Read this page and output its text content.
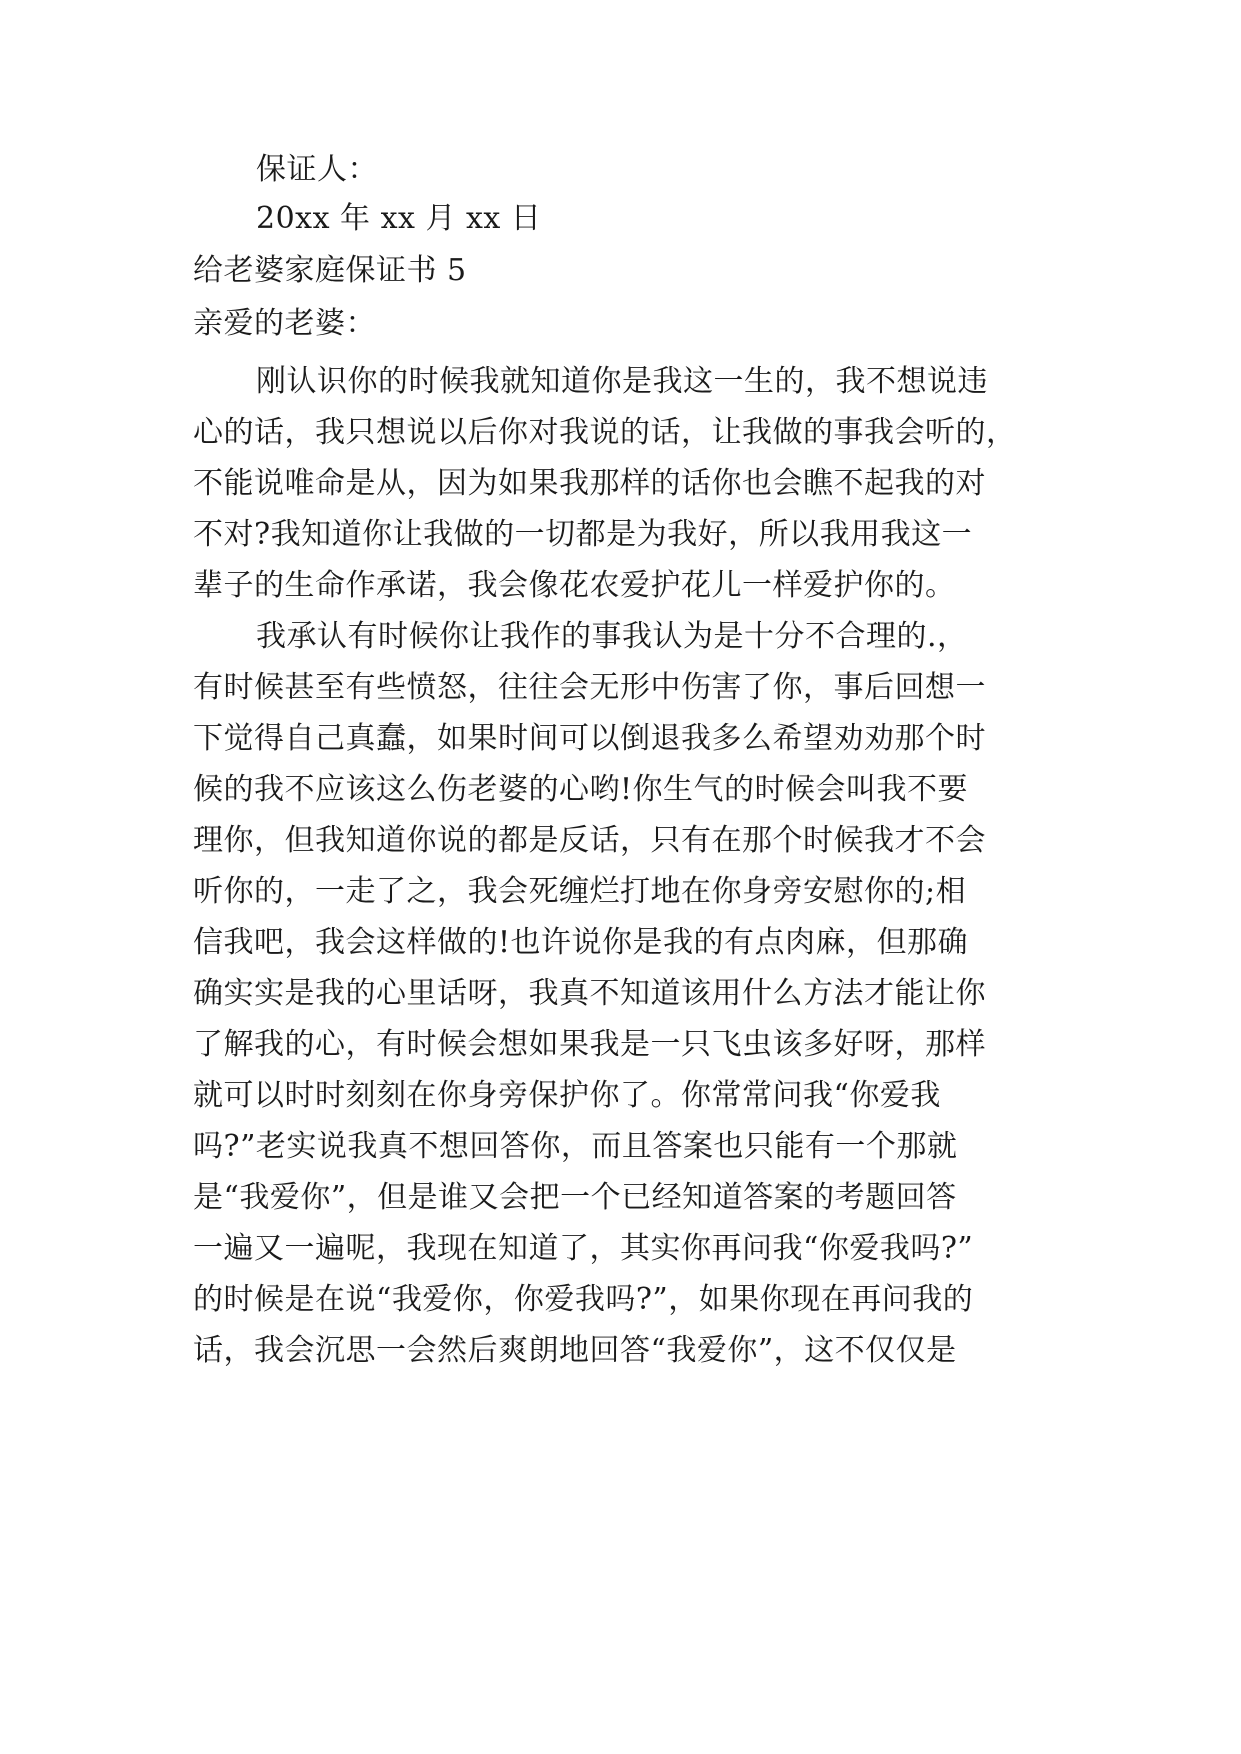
保证人：
20xx 年 xx 月 xx 日
给老婆家庭保证书 5
亲爱的老婆：
刚认识你的时候我就知道你是我这一生的，我不想说违
心的话，我只想说以后你对我说的话，让我做的事我会听的，
不能说唯命是从，因为如果我那样的话你也会瞧不起我的对
不对?我知道你让我做的一切都是为我好，所以我用我这一
辈子的生命作承诺，我会像花农爱护花儿一样爱护你的。
我承认有时候你让我作的事我认为是十分不合理的.，
有时候甚至有些愤怒，往往会无形中伤害了你，事后回想一
下觉得自己真蠢，如果时间可以倒退我多么希望劝劝那个时
候的我不应该这么伤老婆的心哟!你生气的时候会叫我不要
理你，但我知道你说的都是反话，只有在那个时候我才不会
听你的，一走了之，我会死缠烂打地在你身旁安慰你的;相
信我吧，我会这样做的!也许说你是我的有点肉麻，但那确
确实实是我的心里话呀，我真不知道该用什么方法才能让你
了解我的心，有时候会想如果我是一只飞虫该多好呀，那样
就可以时时刻刻在你身旁保护你了。你常常问我“你爱我
吗?”老实说我真不想回答你，而且答案也只能有一个那就
是“我爱你”，但是谁又会把一个已经知道答案的考题回答
一遍又一遍呢，我现在知道了，其实你再问我“你爱我吗?”
的时候是在说“我爱你，你爱我吗?”，如果你现在再问我的
话，我会沉思一会然后爽朗地回答“我爱你”，这不仅仅是
